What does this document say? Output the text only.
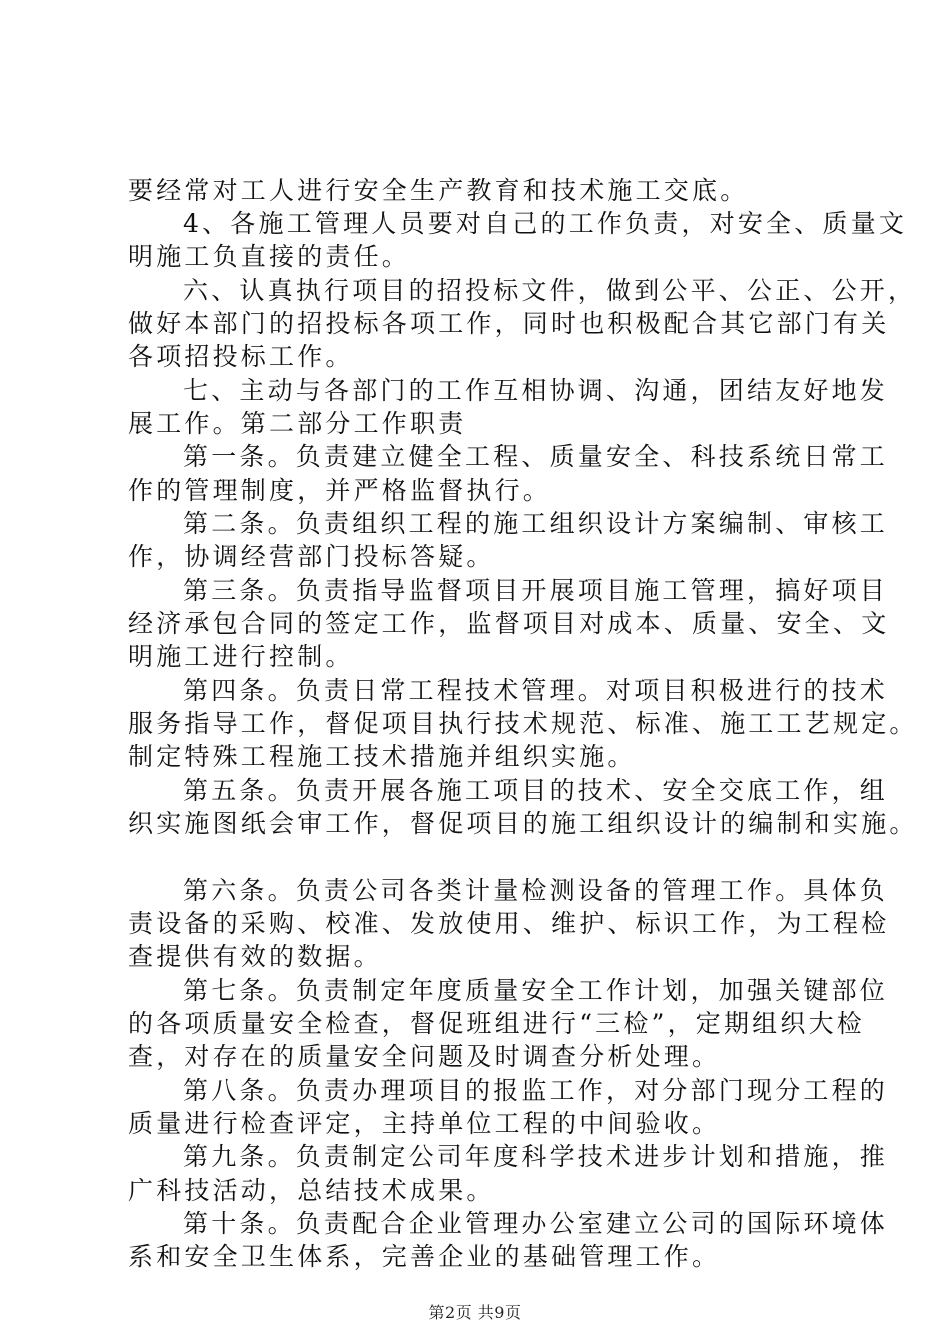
要经常对工人进行安全生产教育和技术施工交底。
4、各施工管理人员要对自己的工作负责，对安全、质量文
明施工负直接的责任。
六、认真执行项目的招投标文件，做到公平、公正、公开，
做好本部门的招投标各项工作，同时也积极配合其它部门有关
各项招投标工作。
七、主动与各部门的工作互相协调、沟通，团结友好地发
展工作。第二部分工作职责
第一条。负责建立健全工程、质量安全、科技系统日常工
作的管理制度，并严格监督执行。
第二条。负责组织工程的施工组织设计方案编制、审核工
作，协调经营部门投标答疑。
第三条。负责指导监督项目开展项目施工管理，搞好项目
经济承包合同的签定工作，监督项目对成本、质量、安全、文
明施工进行控制。
第四条。负责日常工程技术管理。对项目积极进行的技术
服务指导工作，督促项目执行技术规范、标准、施工工艺规定。
制定特殊工程施工技术措施并组织实施。
第五条。负责开展各施工项目的技术、安全交底工作，组
织实施图纸会审工作，督促项目的施工组织设计的编制和实施。
第六条。负责公司各类计量检测设备的管理工作。具体负
责设备的采购、校准、发放使用、维护、标识工作，为工程检
查提供有效的数据。
第七条。负责制定年度质量安全工作计划，加强关键部位
的各项质量安全检查，督促班组进行“三检”，定期组织大检
查，对存在的质量安全问题及时调查分析处理。
第八条。负责办理项目的报监工作，对分部门现分工程的
质量进行检查评定，主持单位工程的中间验收。
第九条。负责制定公司年度科学技术进步计划和措施，推
广科技活动，总结技术成果。
第十条。负责配合企业管理办公室建立公司的国际环境体
系和安全卫生体系，完善企业的基础管理工作。
第2页 共9页
